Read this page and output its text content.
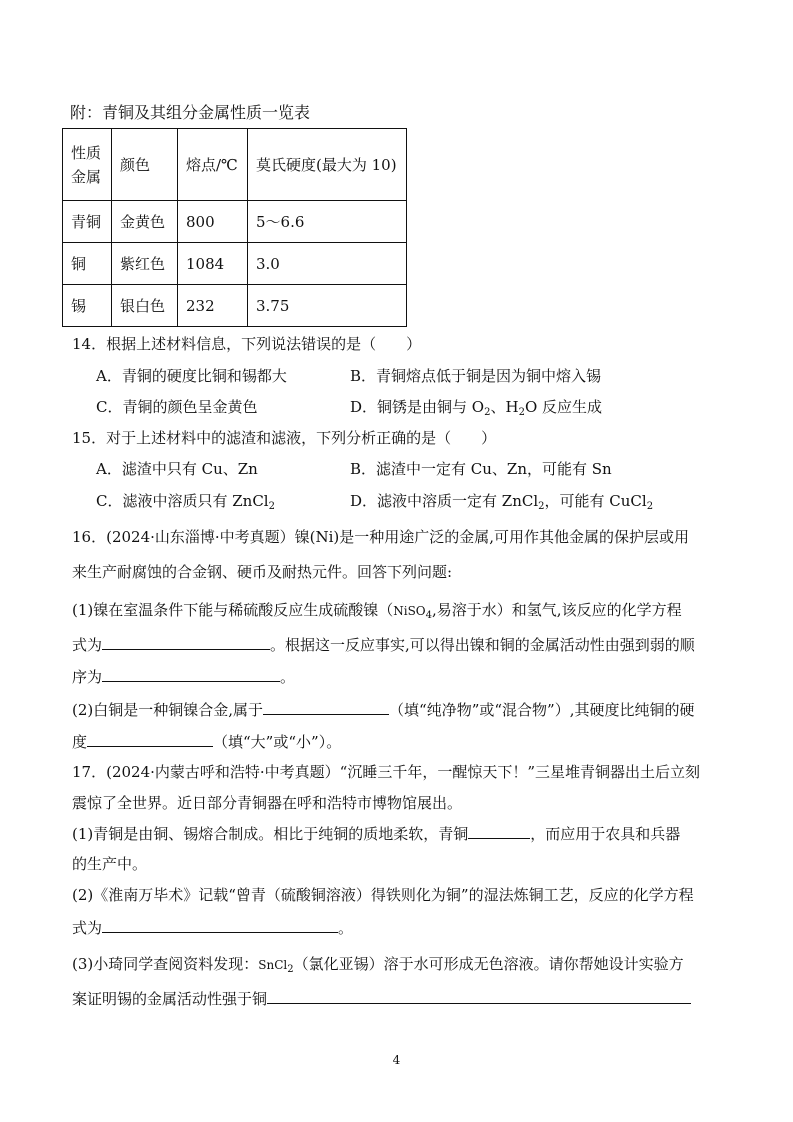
附：青铜及其组分金属性质一览表
性质
金属	颜色	熔点/℃	莫氏硬度(最大为 10)
青铜	金黄色	800	5～6.6
铜	紫红色	1084	3.0
锡	银白色	232	3.75
14．根据上述材料信息，下列说法错误的是（　　）
A．青铜的硬度比铜和锡都大	B．青铜熔点低于铜是因为铜中熔入锡
C．青铜的颜色呈金黄色	D．铜锈是由铜与 $O_2$、$H_2O$ 反应生成
15．对于上述材料中的滤渣和滤液，下列分析正确的是（　　）
A．滤渣中只有 Cu、Zn	B．滤渣中一定有 Cu、Zn，可能有 Sn
C．滤液中溶质只有 ZnCl$_2$	D．滤液中溶质一定有 ZnCl$_2$，可能有 CuCl$_2$
16．(2024·山东淄博·中考真题）镍(Ni)是一种用途广泛的金属,可用作其他金属的保护层或用
来生产耐腐蚀的合金钢、硬币及耐热元件。回答下列问题:
(1)镍在室温条件下能与稀硫酸反应生成硫酸镍（NiSO$_4$,易溶于水）和氢气,该反应的化学方程
式为	。根据这一反应事实,可以得出镍和铜的金属活动性由强到弱的顺
序为	。
(2)白铜是一种铜镍合金,属于	（填“纯净物”或“混合物”）,其硬度比纯铜的硬
度	（填“大”或“小”）。
17．(2024·内蒙古呼和浩特·中考真题）“沉睡三千年，一醒惊天下！”三星堆青铜器出土后立刻
震惊了全世界。近日部分青铜器在呼和浩特市博物馆展出。
(1)青铜是由铜、锡熔合制成。相比于纯铜的质地柔软，青铜	，而应用于农具和兵器
的生产中。
(2)《淮南万毕术》记载“曾青（硫酸铜溶液）得铁则化为铜”的湿法炼铜工艺，反应的化学方程
式为	。
(3)小琦同学查阅资料发现：SnCl$_2$（氯化亚锡）溶于水可形成无色溶液。请你帮她设计实验方
案证明锡的金属活动性强于铜
4
